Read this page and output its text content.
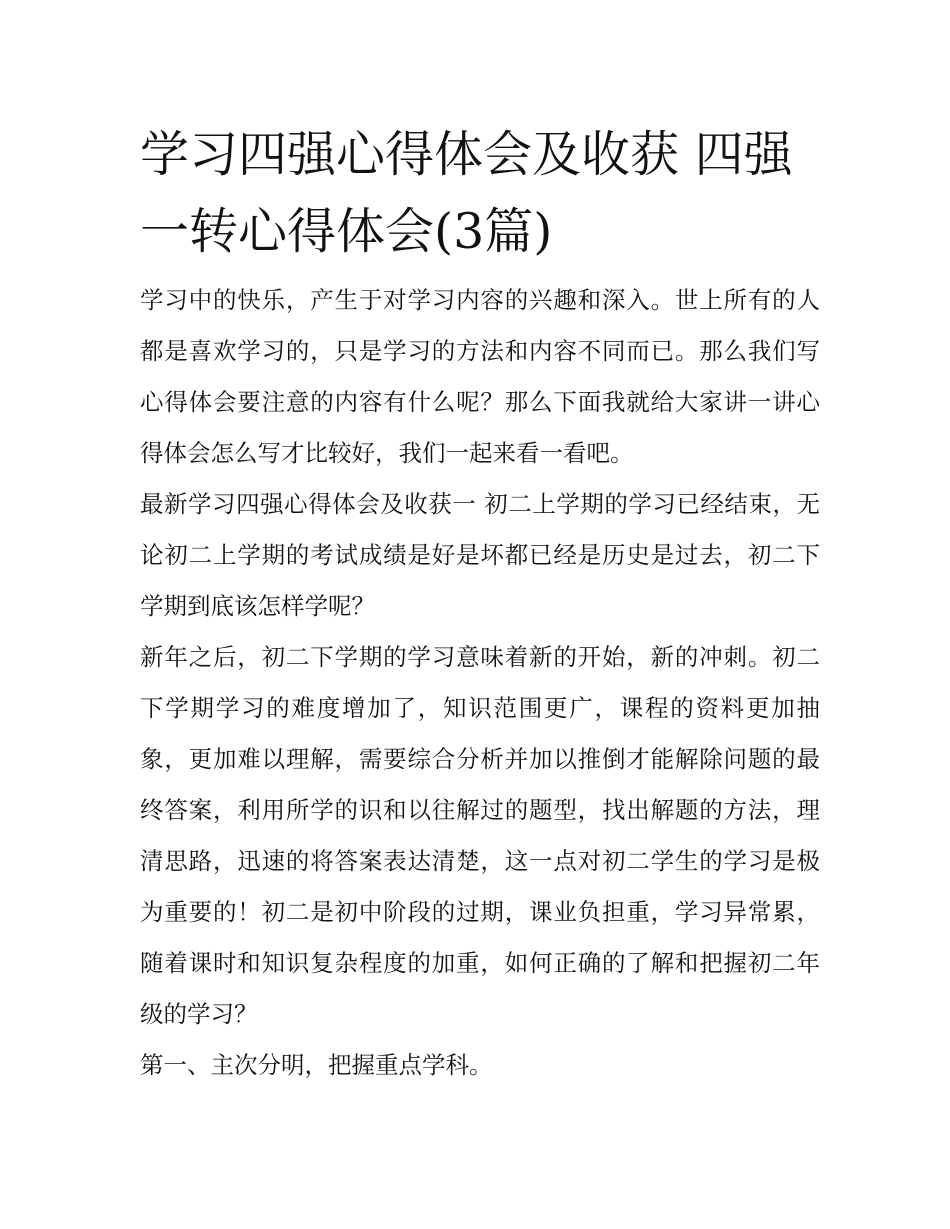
学习四强心得体会及收获 四强一转心得体会(3篇)

学习中的快乐，产生于对学习内容的兴趣和深入。世上所有的人都是喜欢学习的，只是学习的方法和内容不同而已。那么我们写心得体会要注意的内容有什么呢？那么下面我就给大家讲一讲心得体会怎么写才比较好，我们一起来看一看吧。

最新学习四强心得体会及收获一 初二上学期的学习已经结束，无论初二上学期的考试成绩是好是坏都已经是历史是过去，初二下学期到底该怎样学呢？

新年之后，初二下学期的学习意味着新的开始，新的冲刺。初二下学期学习的难度增加了，知识范围更广，课程的资料更加抽象，更加难以理解，需要综合分析并加以推倒才能解除问题的最终答案，利用所学的识和以往解过的题型，找出解题的方法，理清思路，迅速的将答案表达清楚，这一点对初二学生的学习是极为重要的！初二是初中阶段的过期，课业负担重，学习异常累，随着课时和知识复杂程度的加重，如何正确的了解和把握初二年级的学习？

第一、主次分明，把握重点学科。
